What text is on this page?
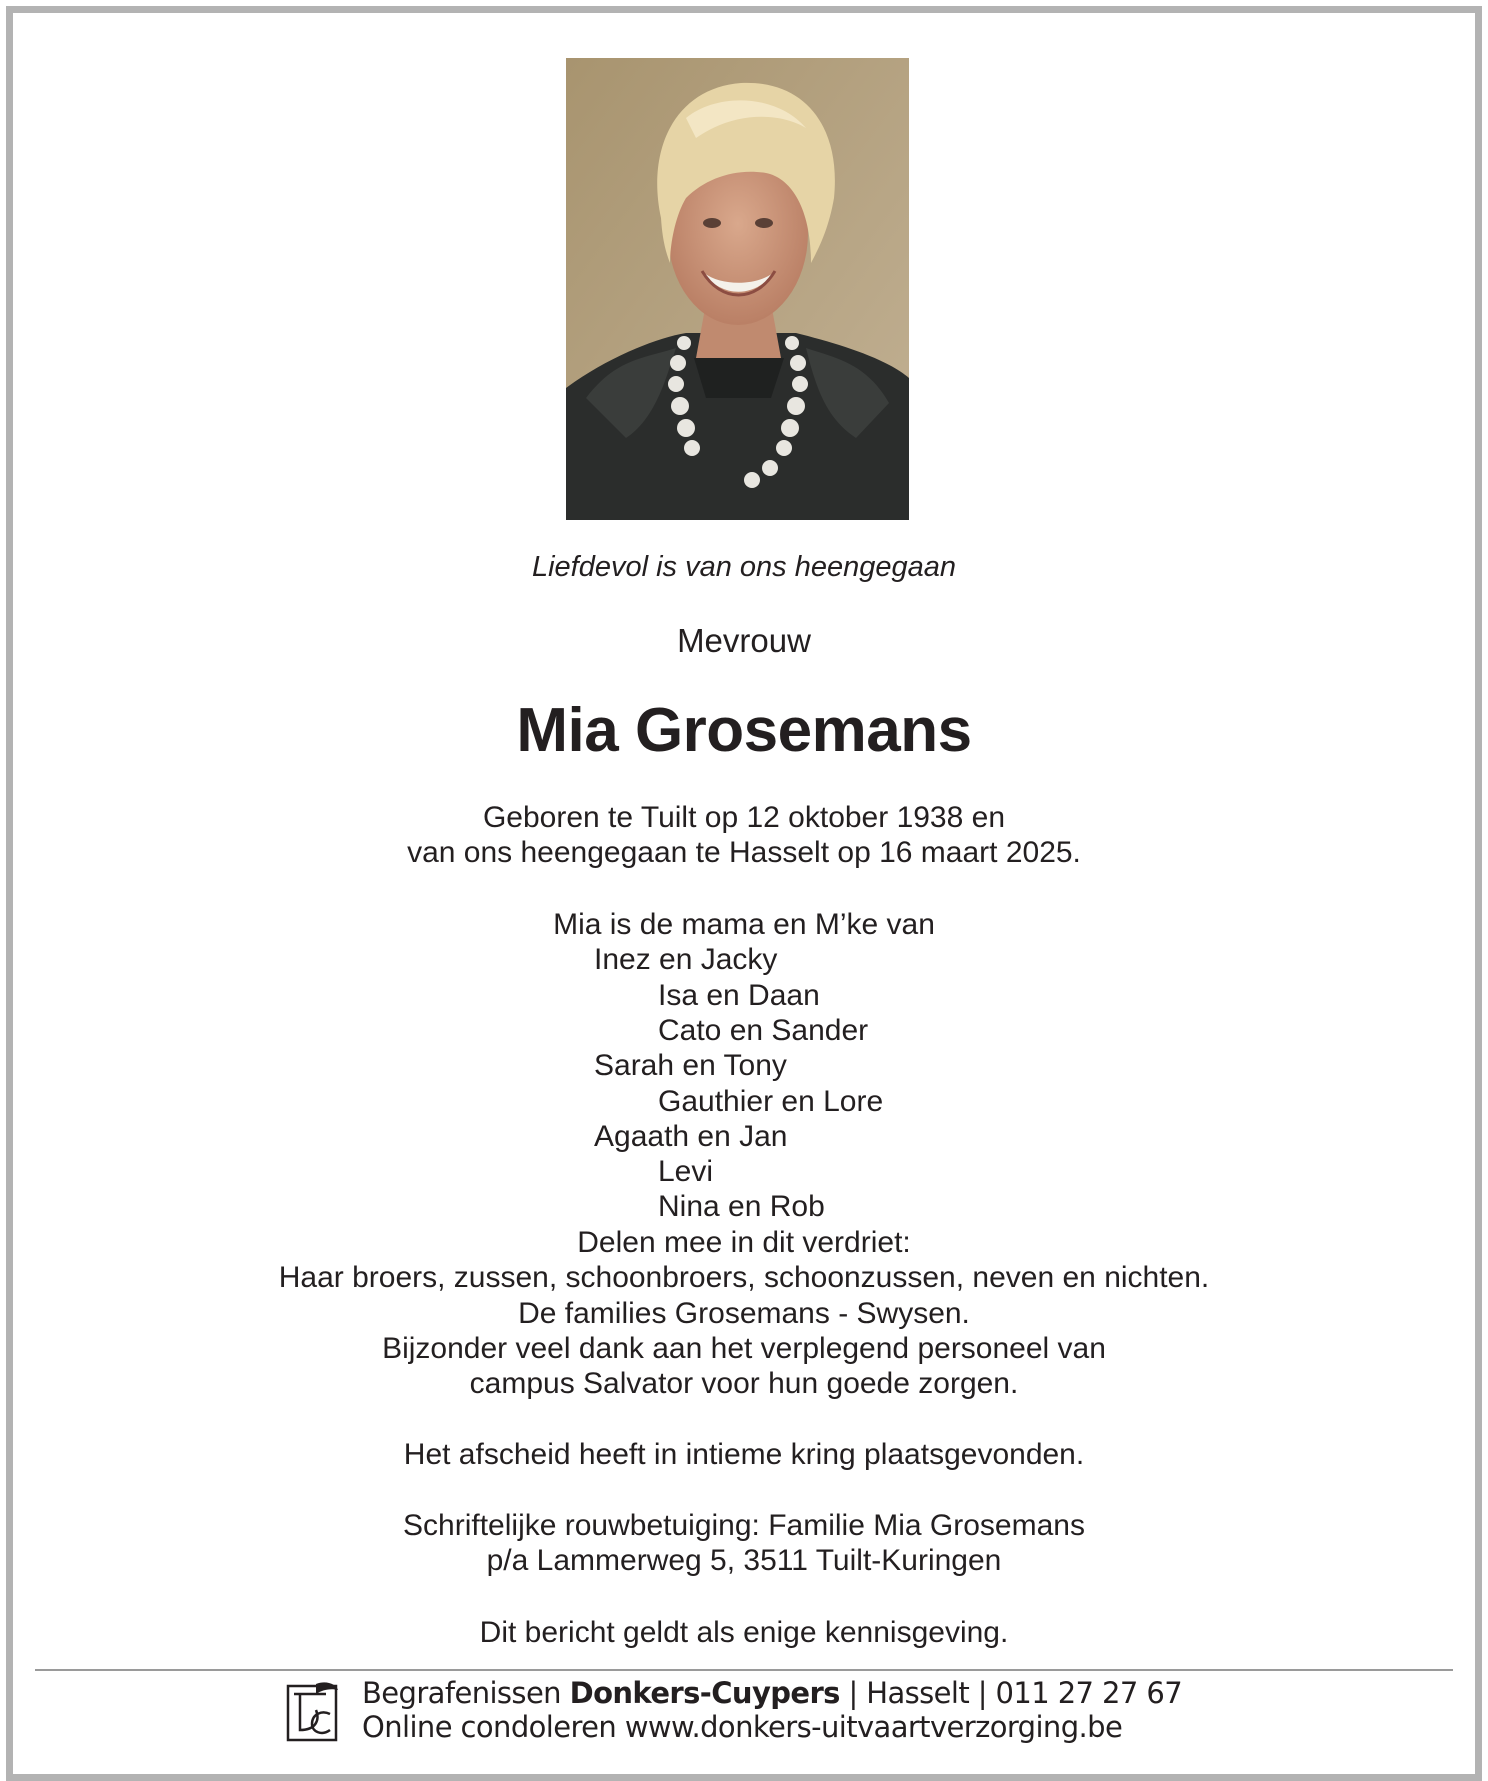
Liefdevol is van ons heengegaan
Mevrouw
Mia Grosemans
Geboren te Tuilt op 12 oktober 1938 en
van ons heengegaan te Hasselt op 16 maart 2025.
Mia is de mama en M’ke van
Inez en Jacky
Isa en Daan
Cato en Sander
Sarah en Tony
Gauthier en Lore
Agaath en Jan
Levi
Nina en Rob
Delen mee in dit verdriet:
Haar broers, zussen, schoonbroers, schoonzussen, neven en nichten.
De families Grosemans - Swysen.
Bijzonder veel dank aan het verplegend personeel van
campus Salvator voor hun goede zorgen.
Het afscheid heeft in intieme kring plaatsgevonden.
Schriftelijke rouwbetuiging: Familie Mia Grosemans
p/a Lammerweg 5, 3511 Tuilt-Kuringen
Dit bericht geldt als enige kennisgeving.
Begrafenissen Donkers-Cuypers | Hasselt | 011 27 27 67
Online condoleren www.donkers-uitvaartverzorging.be
